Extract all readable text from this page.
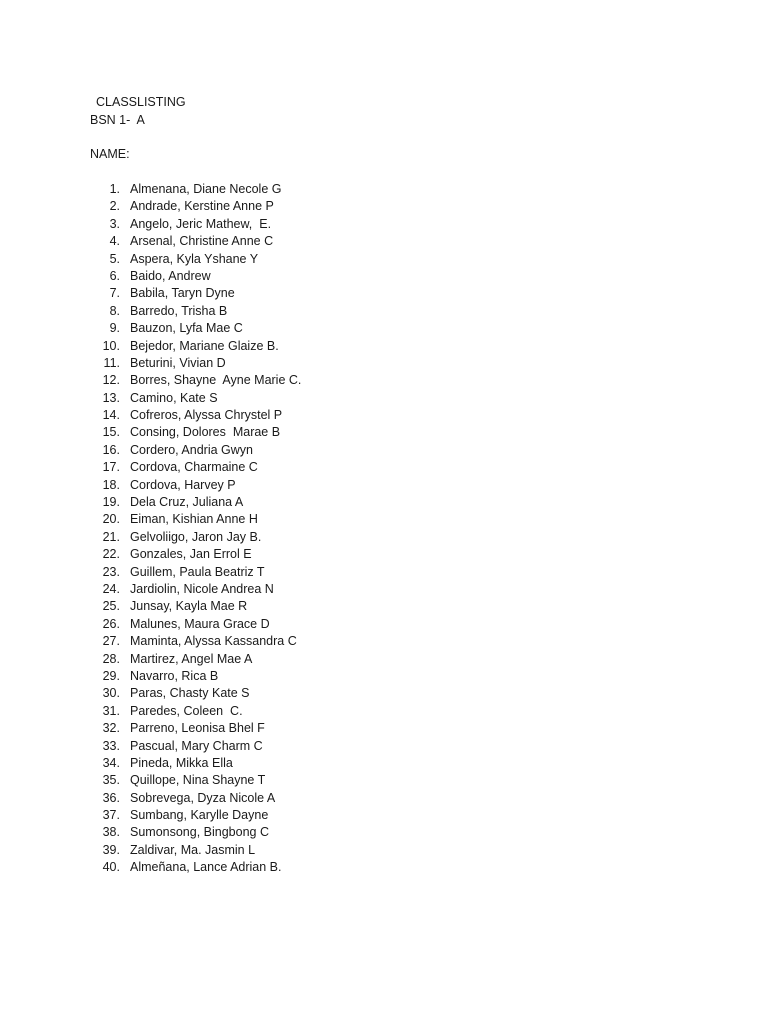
CLASSLISTING
BSN 1-  A
NAME:
1. Almenana, Diane Necole G
2. Andrade, Kerstine Anne P
3. Angelo, Jeric Mathew,  E.
4. Arsenal, Christine Anne C
5. Aspera, Kyla Yshane Y
6. Baido, Andrew
7. Babila, Taryn Dyne
8. Barredo, Trisha B
9. Bauzon, Lyfa Mae C
10. Bejedor, Mariane Glaize B.
11. Beturini, Vivian D
12. Borres, Shayne  Ayne Marie C.
13. Camino, Kate S
14. Cofreros, Alyssa Chrystel P
15. Consing, Dolores  Marae B
16. Cordero, Andria Gwyn
17. Cordova, Charmaine C
18. Cordova, Harvey P
19. Dela Cruz, Juliana A
20. Eiman, Kishian Anne H
21. Gelvoliigo, Jaron Jay B.
22. Gonzales, Jan Errol E
23. Guillem, Paula Beatriz T
24. Jardiolin, Nicole Andrea N
25. Junsay, Kayla Mae R
26. Malunes, Maura Grace D
27. Maminta, Alyssa Kassandra C
28. Martirez, Angel Mae A
29. Navarro, Rica B
30. Paras, Chasty Kate S
31. Paredes, Coleen  C.
32. Parreno, Leonisa Bhel F
33. Pascual, Mary Charm C
34. Pineda, Mikka Ella
35. Quillope, Nina Shayne T
36. Sobrevega, Dyza Nicole A
37. Sumbang, Karylle Dayne
38. Sumonsong, Bingbong C
39. Zaldivar, Ma. Jasmin L
40. Almeñana, Lance Adrian B.
